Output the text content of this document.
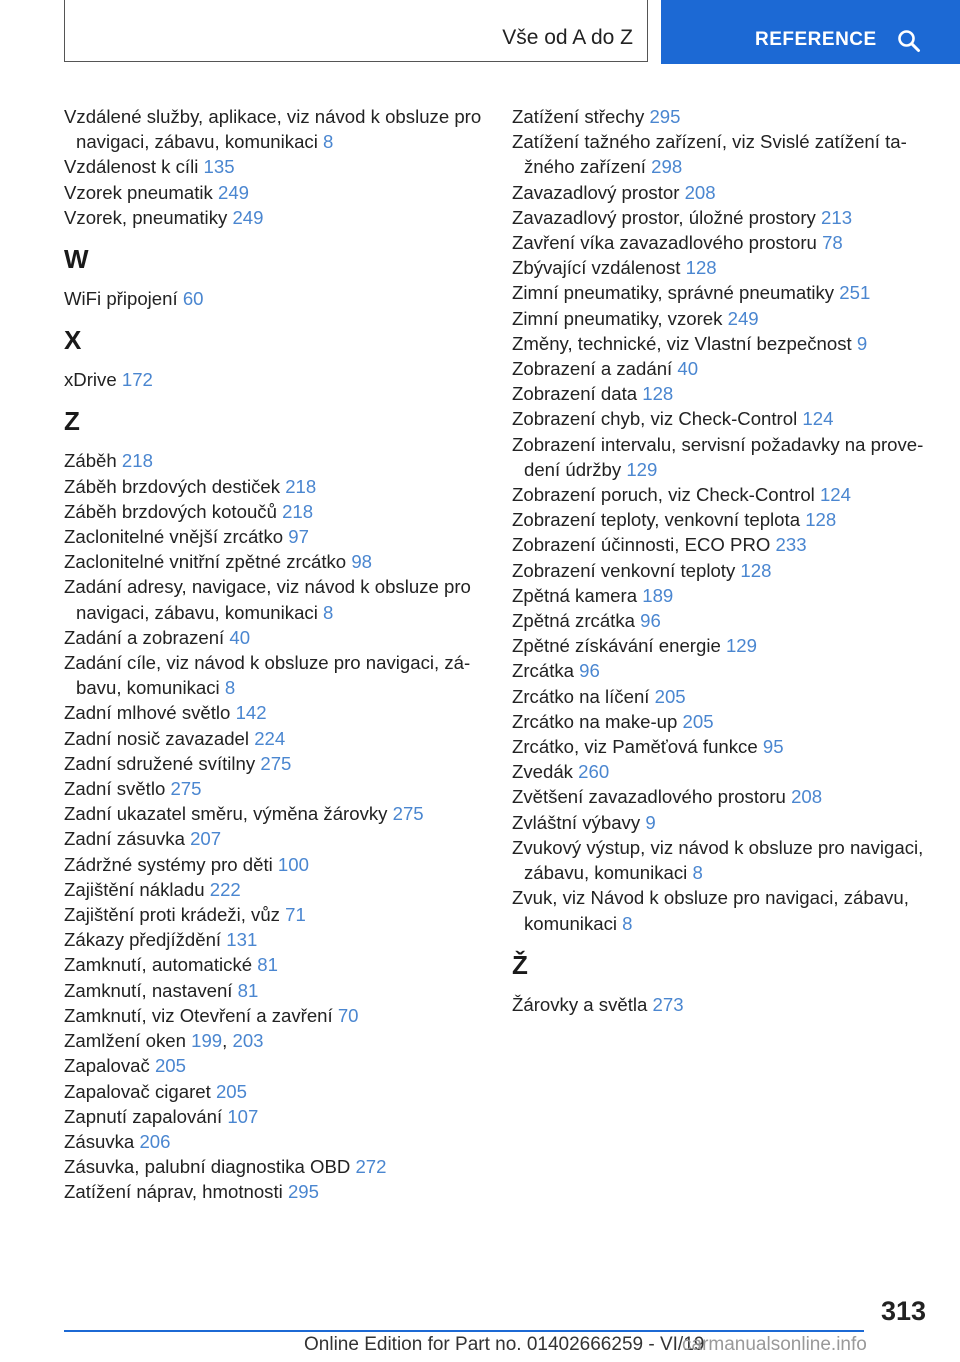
Vše od A do Z	REFERENCE
Vzdálené služby, aplikace, viz návod k obsluze pro navigaci, zábavu, komunikaci 8
Vzdálenost k cíli 135
Vzorek pneumatik 249
Vzorek, pneumatiky 249
W
WiFi připojení 60
X
xDrive 172
Z
Záběh 218
Záběh brzdových destiček 218
Záběh brzdových kotoučů 218
Zaclonitelné vnější zrcátko 97
Zaclonitelné vnitřní zpětné zrcátko 98
Zadání adresy, navigace, viz návod k obsluze pro navigaci, zábavu, komunikaci 8
Zadání a zobrazení 40
Zadání cíle, viz návod k obsluze pro navigaci, zábavu, komunikaci 8
Zadní mlhové světlo 142
Zadní nosič zavazadel 224
Zadní sdružené svítilny 275
Zadní světlo 275
Zadní ukazatel směru, výměna žárovky 275
Zadní zásuvka 207
Zádržné systémy pro děti 100
Zajištění nákladu 222
Zajištění proti krádeži, vůz 71
Zákazy předjíždění 131
Zamknutí, automatické 81
Zamknutí, nastavení 81
Zamknutí, viz Otevření a zavření 70
Zamlžení oken 199, 203
Zapalovač 205
Zapalovač cigaret 205
Zapnutí zapalování 107
Zásuvka 206
Zásuvka, palubní diagnostika OBD 272
Zatížení náprav, hmotnosti 295
Zatížení střechy 295
Zatížení tažného zařízení, viz Svislé zatížení tažného zařízení 298
Zavazadlový prostor 208
Zavazadlový prostor, úložné prostory 213
Zavření víka zavazadlového prostoru 78
Zbývající vzdálenost 128
Zimní pneumatiky, správné pneumatiky 251
Zimní pneumatiky, vzorek 249
Změny, technické, viz Vlastní bezpečnost 9
Zobrazení a zadání 40
Zobrazení data 128
Zobrazení chyb, viz Check-Control 124
Zobrazení intervalu, servisní požadavky na provedení údržby 129
Zobrazení poruch, viz Check-Control 124
Zobrazení teploty, venkovní teplota 128
Zobrazení účinnosti, ECO PRO 233
Zobrazení venkovní teploty 128
Zpětná kamera 189
Zpětná zrcátka 96
Zpětné získávání energie 129
Zrcátka 96
Zrcátko na líčení 205
Zrcátko na make-up 205
Zrcátko, viz Paměťová funkce 95
Zvedák 260
Zvětšení zavazadlového prostoru 208
Zvláštní výbavy 9
Zvukový výstup, viz návod k obsluze pro navigaci, zábavu, komunikaci 8
Zvuk, viz Návod k obsluze pro navigaci, zábavu, komunikaci 8
Ž
Žárovky a světla 273
313
Online Edition for Part no. 01402666259 - VI/19
carmanualsonline.info
